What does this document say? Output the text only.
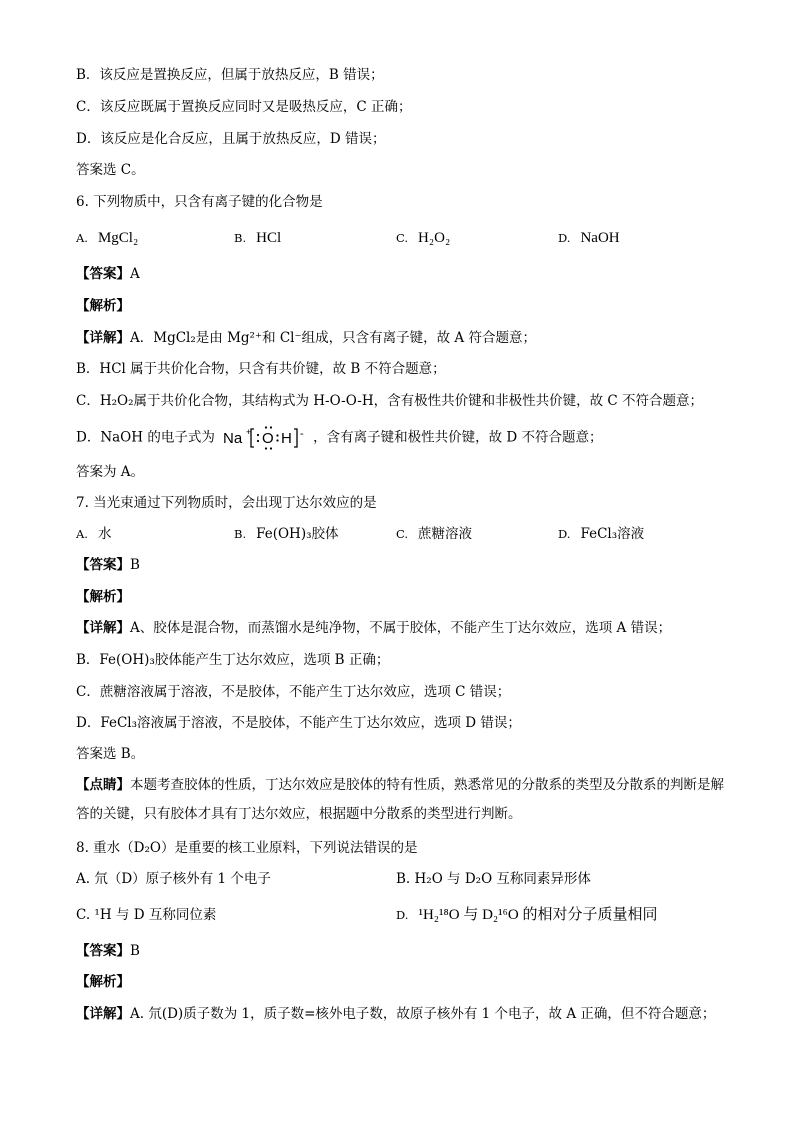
B．该反应是置换反应，但属于放热反应，B 错误；
C．该反应既属于置换反应同时又是吸热反应，C 正确；
D．该反应是化合反应，且属于放热反应，D 错误；
答案选 C。
6. 下列物质中，只含有离子键的化合物是
A. MgCl₂	B. HCl	C. H₂O₂	D. NaOH
【答案】A
【解析】
【详解】A．MgCl₂是由 Mg²⁺和 Cl⁻组成，只含有离子键，故 A 符合题意；
B．HCl 属于共价化合物，只含有共价键，故 B 不符合题意；
C．H₂O₂属于共价化合物，其结构式为 H-O-O-H，含有极性共价键和非极性共价键，故 C 不符合题意；
D．NaOH 的电子式为 Na + O H - ，含有离子键和极性共价键，故 D 不符合题意；
答案为 A。
7. 当光束通过下列物质时，会出现丁达尔效应的是
A. 水	B. Fe(OH)₃胶体	C. 蔗糖溶液	D. FeCl₃溶液
【答案】B
【解析】
【详解】A、胶体是混合物，而蒸馏水是纯净物，不属于胶体，不能产生丁达尔效应，选项 A 错误；
B．Fe(OH)₃胶体能产生丁达尔效应，选项 B 正确；
C．蔗糖溶液属于溶液，不是胶体，不能产生丁达尔效应，选项 C 错误；
D．FeCl₃溶液属于溶液，不是胶体，不能产生丁达尔效应，选项 D 错误；
答案选 B。
【点睛】本题考查胶体的性质，丁达尔效应是胶体的特有性质，熟悉常见的分散系的类型及分散系的判断是解答的关键，只有胶体才具有丁达尔效应，根据题中分散系的类型进行判断。
8. 重水（D₂O）是重要的核工业原料，下列说法错误的是
A. 氘（D）原子核外有 1 个电子	B. H₂O 与 D₂O 互称同素异形体
C. ¹H 与 D 互称同位素	D. ¹H₂¹⁸O 与 D₂¹⁶O 的相对分子质量相同
【答案】B
【解析】
【详解】A. 氘(D)质子数为 1，质子数=核外电子数，故原子核外有 1 个电子，故 A 正确，但不符合题意；
